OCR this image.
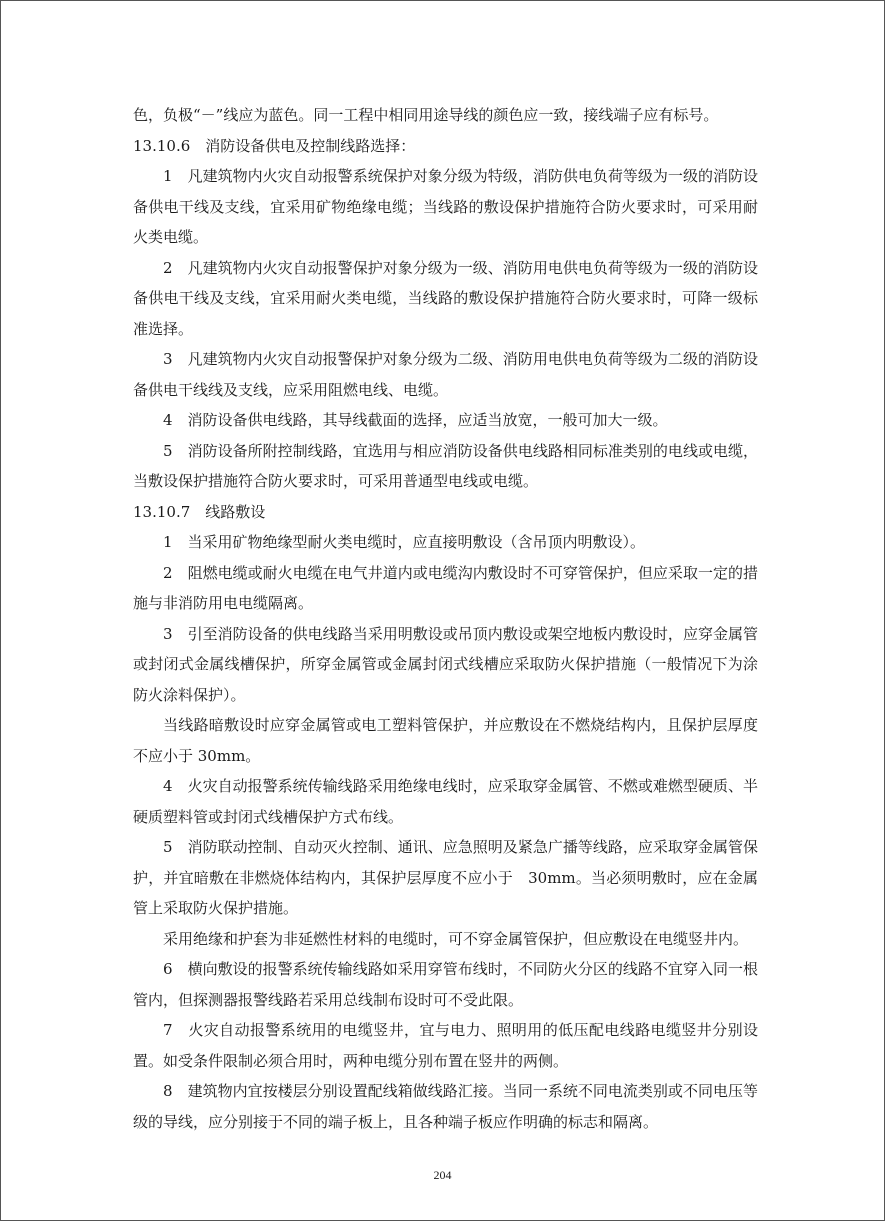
色，负极“－”线应为蓝色。同一工程中相同用途导线的颜色应一致，接线端子应有标号。

13.10.6　消防设备供电及控制线路选择：

1　凡建筑物内火灾自动报警系统保护对象分级为特级，消防供电负荷等级为一级的消防设备供电干线及支线，宜采用矿物绝缘电缆；当线路的敷设保护措施符合防火要求时，可采用耐火类电缆。

2　凡建筑物内火灾自动报警保护对象分级为一级、消防用电供电负荷等级为一级的消防设备供电干线及支线，宜采用耐火类电缆，当线路的敷设保护措施符合防火要求时，可降一级标准选择。

3　凡建筑物内火灾自动报警保护对象分级为二级、消防用电供电负荷等级为二级的消防设备供电干线线及支线，应采用阻燃电线、电缆。

4　消防设备供电线路，其导线截面的选择，应适当放宽，一般可加大一级。

5　消防设备所附控制线路，宜选用与相应消防设备供电线路相同标准类别的电线或电缆，当敷设保护措施符合防火要求时，可采用普通型电线或电缆。

13.10.7　线路敷设

1　当采用矿物绝缘型耐火类电缆时，应直接明敷设（含吊顶内明敷设）。

2　阻燃电缆或耐火电缆在电气井道内或电缆沟内敷设时不可穿管保护，但应采取一定的措施与非消防用电电缆隔离。

3　引至消防设备的供电线路当采用明敷设或吊顶内敷设或架空地板内敷设时，应穿金属管或封闭式金属线槽保护，所穿金属管或金属封闭式线槽应采取防火保护措施（一般情况下为涂防火涂料保护）。

当线路暗敷设时应穿金属管或电工塑料管保护，并应敷设在不燃烧结构内，且保护层厚度不应小于 30mm。

4　火灾自动报警系统传输线路采用绝缘电线时，应采取穿金属管、不燃或难燃型硬质、半硬质塑料管或封闭式线槽保护方式布线。

5　消防联动控制、自动灭火控制、通讯、应急照明及紧急广播等线路，应采取穿金属管保护，并宜暗敷在非燃烧体结构内，其保护层厚度不应小于　30mm。当必须明敷时，应在金属管上采取防火保护措施。

采用绝缘和护套为非延燃性材料的电缆时，可不穿金属管保护，但应敷设在电缆竖井内。

6　横向敷设的报警系统传输线路如采用穿管布线时，不同防火分区的线路不宜穿入同一根管内，但探测器报警线路若采用总线制布设时可不受此限。

7　火灾自动报警系统用的电缆竖井，宜与电力、照明用的低压配电线路电缆竖井分别设置。如受条件限制必须合用时，两种电缆分别布置在竖井的两侧。

8　建筑物内宜按楼层分别设置配线箱做线路汇接。当同一系统不同电流类别或不同电压等级的导线，应分别接于不同的端子板上，且各种端子板应作明确的标志和隔离。

204
